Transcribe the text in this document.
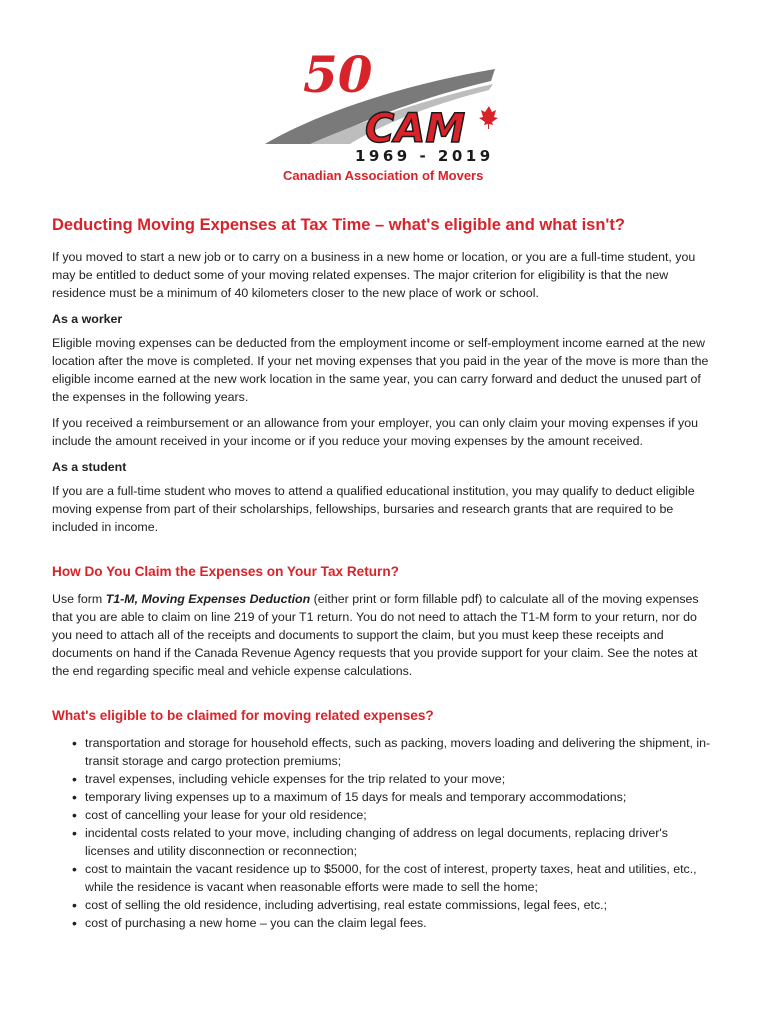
50
CAM
1969 - 2019
Canadian Association of Movers
Deducting Moving Expenses at Tax Time – what's eligible and what isn't?

If you moved to start a new job or to carry on a business in a new home or location, or you are a full-time student, you may be entitled to deduct some of your moving related expenses. The major criterion for eligibility is that the new residence must be a minimum of 40 kilometers closer to the new place of work or school.

As a worker

Eligible moving expenses can be deducted from the employment income or self-employment income earned at the new location after the move is completed. If your net moving expenses that you paid in the year of the move is more than the eligible income earned at the new work location in the same year, you can carry forward and deduct the unused part of the expenses in the following years.

If you received a reimbursement or an allowance from your employer, you can only claim your moving expenses if you include the amount received in your income or if you reduce your moving expenses by the amount received.

As a student

If you are a full-time student who moves to attend a qualified educational institution, you may qualify to deduct eligible moving expense from part of their scholarships, fellowships, bursaries and research grants that are required to be included in income.

How Do You Claim the Expenses on Your Tax Return?

Use form T1-M, Moving Expenses Deduction (either print or form fillable pdf) to calculate all of the moving expenses that you are able to claim on line 219 of your T1 return. You do not need to attach the T1-M form to your return, nor do you need to attach all of the receipts and documents to support the claim, but you must keep these receipts and documents on hand if the Canada Revenue Agency requests that you provide support for your claim. See the notes at the end regarding specific meal and vehicle expense calculations.

What's eligible to be claimed for moving related expenses?
• transportation and storage for household effects, such as packing, movers loading and delivering the shipment, in-transit storage and cargo protection premiums;
• travel expenses, including vehicle expenses for the trip related to your move;
• temporary living expenses up to a maximum of 15 days for meals and temporary accommodations;
• cost of cancelling your lease for your old residence;
• incidental costs related to your move, including changing of address on legal documents, replacing driver's licenses and utility disconnection or reconnection;
• cost to maintain the vacant residence up to $5000, for the cost of interest, property taxes, heat and utilities, etc., while the residence is vacant when reasonable efforts were made to sell the home;
• cost of selling the old residence, including advertising, real estate commissions, legal fees, etc.;
• cost of purchasing a new home – you can the claim legal fees.
